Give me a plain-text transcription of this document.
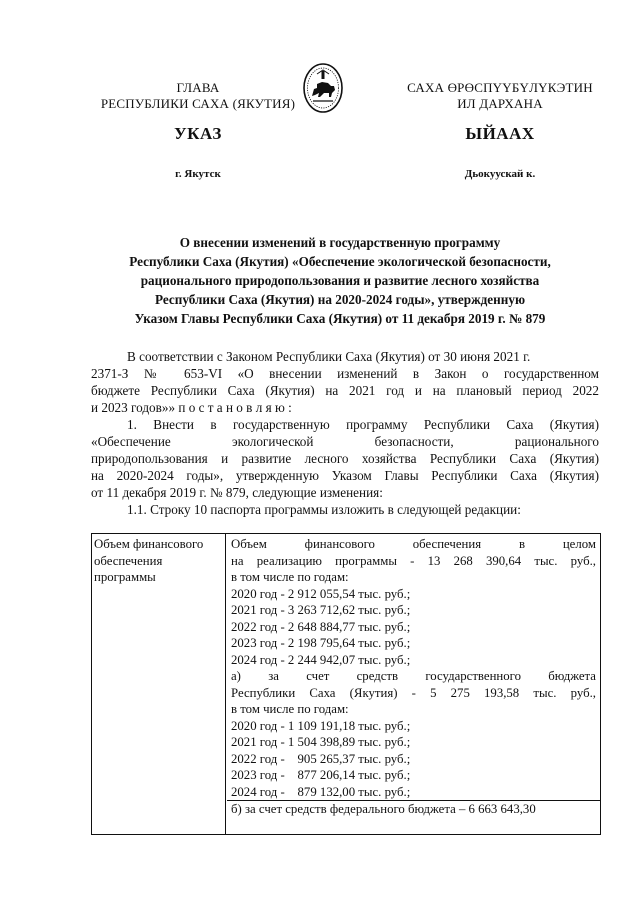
ГЛАВА
РЕСПУБЛИКИ САХА (ЯКУТИЯ)
САХА ӨРӨСПҮҮБҮЛҮКЭТИН
ИЛ ДАРХАНА
УКАЗ	ЫЙААХ
г. Якутск	Дьокуускай к.
О внесении изменений в государственную программу
Республики Саха (Якутия) «Обеспечение экологической безопасности,
рационального природопользования и развитие лесного хозяйства
Республики Саха (Якутия) на 2020-2024 годы», утвержденную
Указом Главы Республики Саха (Якутия) от 11 декабря 2019 г. № 879
В соответствии с Законом Республики Саха (Якутия) от 30 июня 2021 г.
2371-З № 653-VI «О внесении изменений в Закон о государственном
бюджете Республики Саха (Якутия) на 2021 год и на плановый период 2022
и 2023 годов»» п о с т а н о в л я ю :
1. Внести в государственную программу Республики Саха (Якутия)
«Обеспечение экологической безопасности, рационального
природопользования и развитие лесного хозяйства Республики Саха (Якутия)
на 2020-2024 годы», утвержденную Указом Главы Республики Саха (Якутия)
от 11 декабря 2019 г. № 879, следующие изменения:
1.1. Строку 10 паспорта программы изложить в следующей редакции:
Объем финансового
обеспечения
программы
Объем финансового обеспечения в целом
на реализацию программы - 13 268 390,64 тыс. руб.,
в том числе по годам:
2020 год - 2 912 055,54 тыс. руб.;
2021 год - 3 263 712,62 тыс. руб.;
2022 год - 2 648 884,77 тыс. руб.;
2023 год - 2 198 795,64 тыс. руб.;
2024 год - 2 244 942,07 тыс. руб.;
а) за счет средств государственного бюджета
Республики Саха (Якутия) - 5 275 193,58 тыс. руб.,
в том числе по годам:
2020 год - 1 109 191,18 тыс. руб.;
2021 год - 1 504 398,89 тыс. руб.;
2022 год -    905 265,37 тыс. руб.;
2023 год -    877 206,14 тыс. руб.;
2024 год -    879 132,00 тыс. руб.;
б) за счет средств федерального бюджета – 6 663 643,30
